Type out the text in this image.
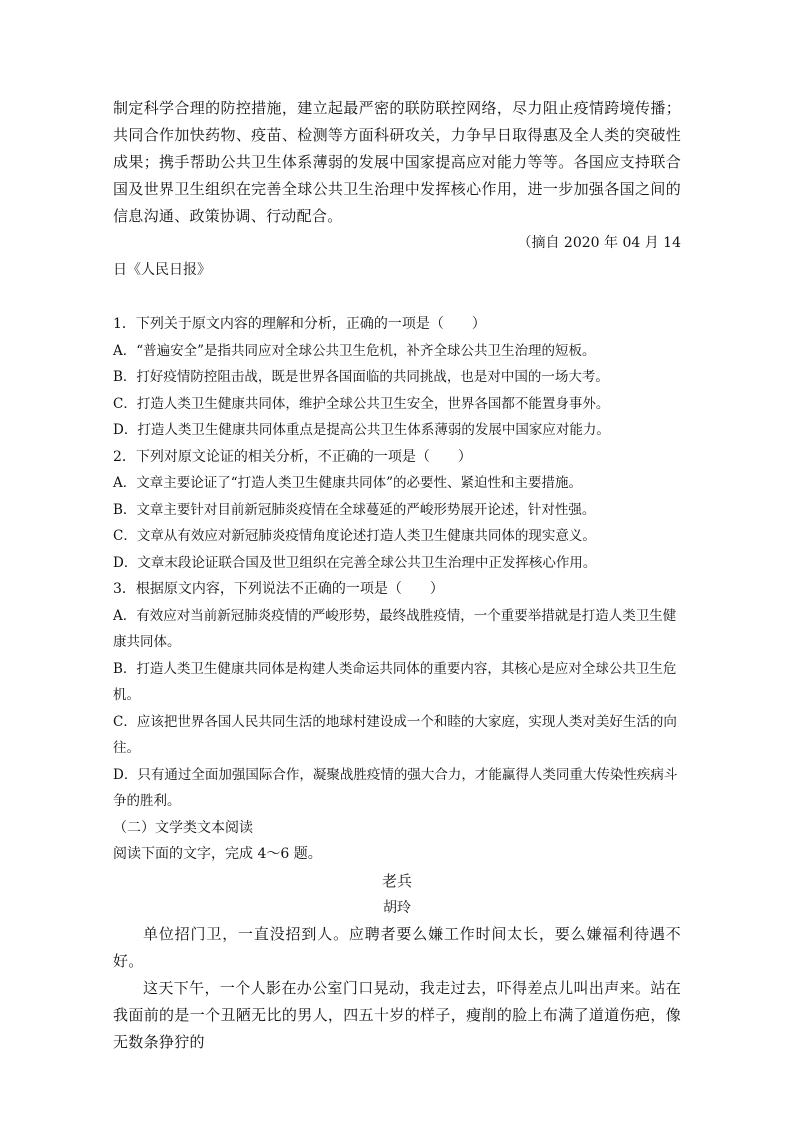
制定科学合理的防控措施，建立起最严密的联防联控网络，尽力阻止疫情跨境传播；共同合作加快药物、疫苗、检测等方面科研攻关，力争早日取得惠及全人类的突破性成果；携手帮助公共卫生体系薄弱的发展中国家提高应对能力等等。各国应支持联合国及世界卫生组织在完善全球公共卫生治理中发挥核心作用，进一步加强各国之间的信息沟通、政策协调、行动配合。

（摘自 2020 年 04 月 14

日《人民日报》

1．下列关于原文内容的理解和分析，正确的一项是（　　）

A．“普遍安全”是指共同应对全球公共卫生危机，补齐全球公共卫生治理的短板。

B．打好疫情防控阻击战，既是世界各国面临的共同挑战，也是对中国的一场大考。

C．打造人类卫生健康共同体，维护全球公共卫生安全，世界各国都不能置身事外。

D．打造人类卫生健康共同体重点是提高公共卫生体系薄弱的发展中国家应对能力。

2．下列对原文论证的相关分析，不正确的一项是（　　）

A．文章主要论证了“打造人类卫生健康共同体”的必要性、紧迫性和主要措施。

B．文章主要针对目前新冠肺炎疫情在全球蔓延的严峻形势展开论述，针对性强。

C．文章从有效应对新冠肺炎疫情角度论述打造人类卫生健康共同体的现实意义。

D．文章末段论证联合国及世卫组织在完善全球公共卫生治理中正发挥核心作用。

3．根据原文内容，下列说法不正确的一项是（　　）

A．有效应对当前新冠肺炎疫情的严峻形势，最终战胜疫情，一个重要举措就是打造人类卫生健康共同体。

B．打造人类卫生健康共同体是构建人类命运共同体的重要内容，其核心是应对全球公共卫生危机。

C．应该把世界各国人民共同生活的地球村建设成一个和睦的大家庭，实现人类对美好生活的向往。

D．只有通过全面加强国际合作，凝聚战胜疫情的强大合力，才能赢得人类同重大传染性疾病斗争的胜利。

（二）文学类文本阅读

阅读下面的文字，完成 4～6 题。

老兵

胡玲

单位招门卫，一直没招到人。应聘者要么嫌工作时间太长，要么嫌福利待遇不好。

这天下午，一个人影在办公室门口晃动，我走过去，吓得差点儿叫出声来。站在我面前的是一个丑陋无比的男人，四五十岁的样子，瘦削的脸上布满了道道伤疤，像无数条狰狞的
